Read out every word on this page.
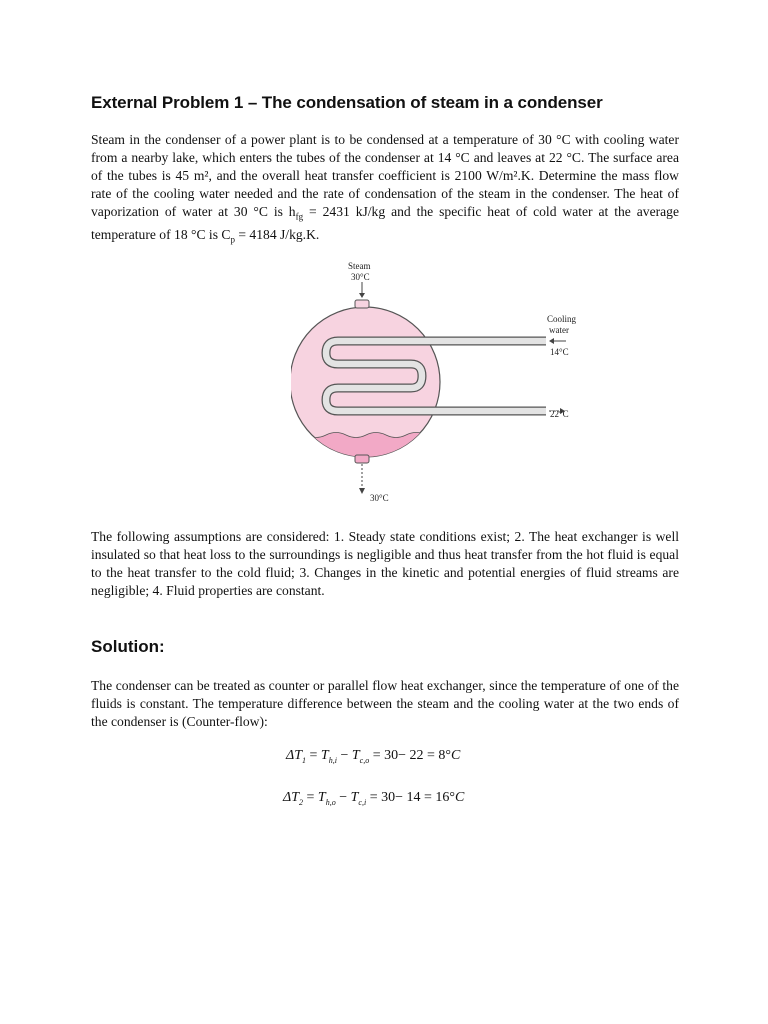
External Problem 1 – The condensation of steam in a condenser

Steam in the condenser of a power plant is to be condensed at a temperature of 30 °C with cooling water from a nearby lake, which enters the tubes of the condenser at 14 °C and leaves at 22 °C. The surface area of the tubes is 45 m², and the overall heat transfer coefficient is 2100 W/m².K. Determine the mass flow rate of the cooling water needed and the rate of condensation of the steam in the condenser. The heat of vaporization of water at 30 °C is $h_{fg} = 2431$ kJ/kg and the specific heat of cold water at the average temperature of 18 °C is $C_p = 4184$ J/kg.K.

Steam
30°C
Cooling
water
14°C
22°C
30°C

The following assumptions are considered: 1. Steady state conditions exist; 2. The heat exchanger is well insulated so that heat loss to the surroundings is negligible and thus heat transfer from the hot fluid is equal to the heat transfer to the cold fluid; 3. Changes in the kinetic and potential energies of fluid streams are negligible; 4. Fluid properties are constant.

Solution:

The condenser can be treated as counter or parallel flow heat exchanger, since the temperature of one of the fluids is constant. The temperature difference between the steam and the cooling water at the two ends of the condenser is (Counter-flow):

$\Delta T_1 = T_{h,i} - T_{c,o} = 30- 22 = 8^\circ C$
$\Delta T_2 = T_{h,o} - T_{c,i} = 30- 14 = 16^\circ C$
